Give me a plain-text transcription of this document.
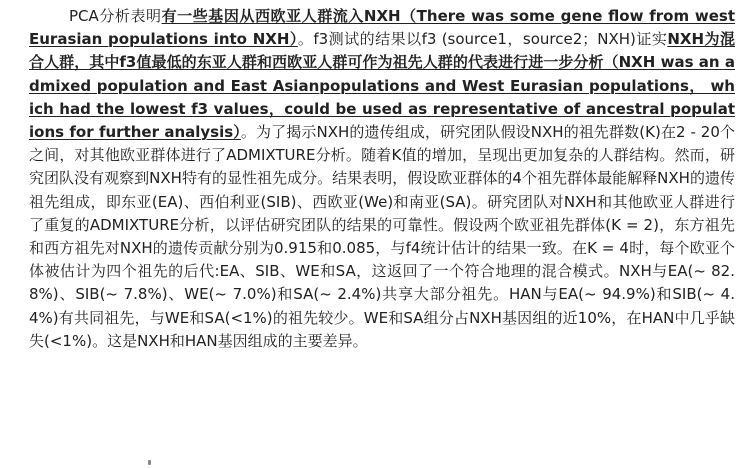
PCA分析表明有一些基因从西欧亚人群流入NXH（There was some gene flow from west Eurasian populations into NXH）。f3测试的结果以f3 (source1，source2；NXH)证实NXH为混合人群，其中f3值最低的东亚人群和西欧亚人群可作为祖先人群的代表进行进一步分析（NXH was an admixed population and East Asianpopulations and West Eurasian populations， which had the lowest f3 values，could be used as representative of ancestral populations for further analysis）。为了揭示NXH的遗传组成，研究团队假设NXH的祖先群数(K)在2 - 20个之间，对其他欧亚群体进行了ADMIXTURE分析。随着K值的增加，呈现出更加复杂的人群结构。然而，研究团队没有观察到NXH特有的显性祖先成分。结果表明，假设欧亚群体的4个祖先群体最能解释NXH的遗传祖先组成，即东亚(EA)、西伯利亚(SIB)、西欧亚(We)和南亚(SA)。研究团队对NXH和其他欧亚人群进行了重复的ADMIXTURE分析，以评估研究团队的结果的可靠性。假设两个欧亚祖先群体(K = 2)，东方祖先和西方祖先对NXH的遗传贡献分别为0.915和0.085，与f4统计估计的结果一致。在K = 4时，每个欧亚个体被估计为四个祖先的后代:EA、SIB、WE和SA，这返回了一个符合地理的混合模式。NXH与EA(~ 82.8%)、SIB(~ 7.8%)、WE(~ 7.0%)和SA(~ 2.4%)共享大部分祖先。HAN与EA(~ 94.9%)和SIB(~ 4.4%)有共同祖先，与WE和SA(<1%)的祖先较少。WE和SA组分占NXH基因组的近10%，在HAN中几乎缺失(<1%)。这是NXH和HAN基因组成的主要差异。
